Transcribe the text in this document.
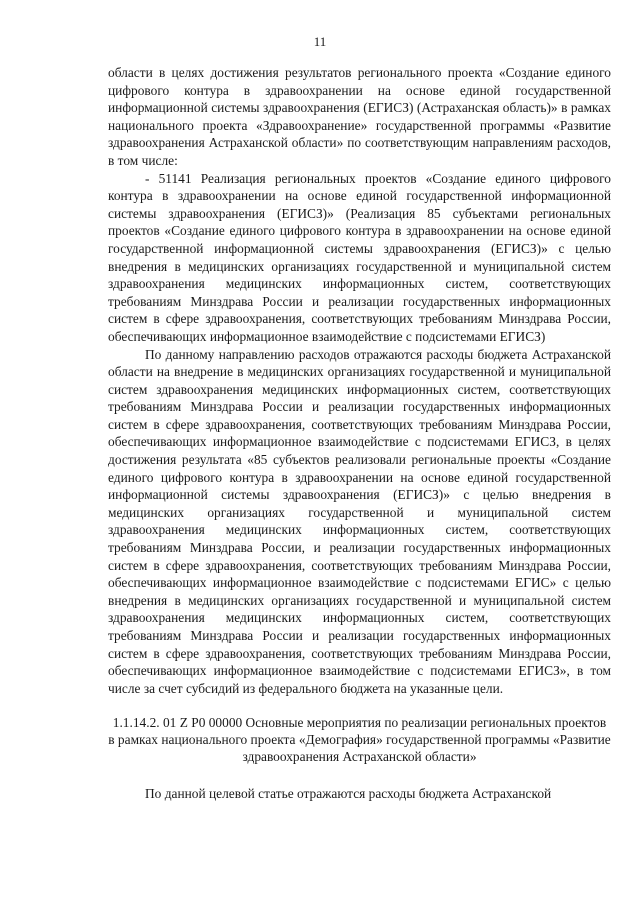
11

области в целях достижения результатов регионального проекта «Создание единого цифрового контура в здравоохранении на основе единой государственной информационной системы здравоохранения (ЕГИСЗ) (Астраханская область)» в рамках национального проекта «Здравоохранение» государственной программы «Развитие здравоохранения Астраханской области» по соответствующим направлениям расходов, в том числе:

- 51141 Реализация региональных проектов «Создание единого цифрового контура в здравоохранении на основе единой государственной информационной системы здравоохранения (ЕГИСЗ)» (Реализация 85 субъектами региональных проектов «Создание единого цифрового контура в здравоохранении на основе единой государственной информационной системы здравоохранения (ЕГИСЗ)» с целью внедрения в медицинских организациях государственной и муниципальной систем здравоохранения медицинских информационных систем, соответствующих требованиям Минздрава России и реализации государственных информационных систем в сфере здравоохранения, соответствующих требованиям Минздрава России, обеспечивающих информационное взаимодействие с подсистемами ЕГИСЗ)

По данному направлению расходов отражаются расходы бюджета Астраханской области на внедрение в медицинских организациях государственной и муниципальной систем здравоохранения медицинских информационных систем, соответствующих требованиям Минздрава России и реализации государственных информационных систем в сфере здравоохранения, соответствующих требованиям Минздрава России, обеспечивающих информационное взаимодействие с подсистемами ЕГИСЗ, в целях достижения результата «85 субъектов реализовали региональные проекты «Создание единого цифрового контура в здравоохранении на основе единой государственной информационной системы здравоохранения (ЕГИСЗ)» с целью внедрения в медицинских организациях государственной и муниципальной систем здравоохранения медицинских информационных систем, соответствующих требованиям Минздрава России, и реализации государственных информационных систем в сфере здравоохранения, соответствующих требованиям Минздрава России, обеспечивающих информационное взаимодействие с подсистемами ЕГИС» с целью внедрения в медицинских организациях государственной и муниципальной систем здравоохранения медицинских информационных систем, соответствующих требованиям Минздрава России и реализации государственных информационных систем в сфере здравоохранения, соответствующих требованиям Минздрава России, обеспечивающих информационное взаимодействие с подсистемами ЕГИСЗ», в том числе за счет субсидий из федерального бюджета на указанные цели.

1.1.14.2. 01 Z P0 00000 Основные мероприятия по реализации региональных проектов в рамках национального проекта «Демография» государственной программы «Развитие здравоохранения Астраханской области»

По данной целевой статье отражаются расходы бюджета Астраханской
